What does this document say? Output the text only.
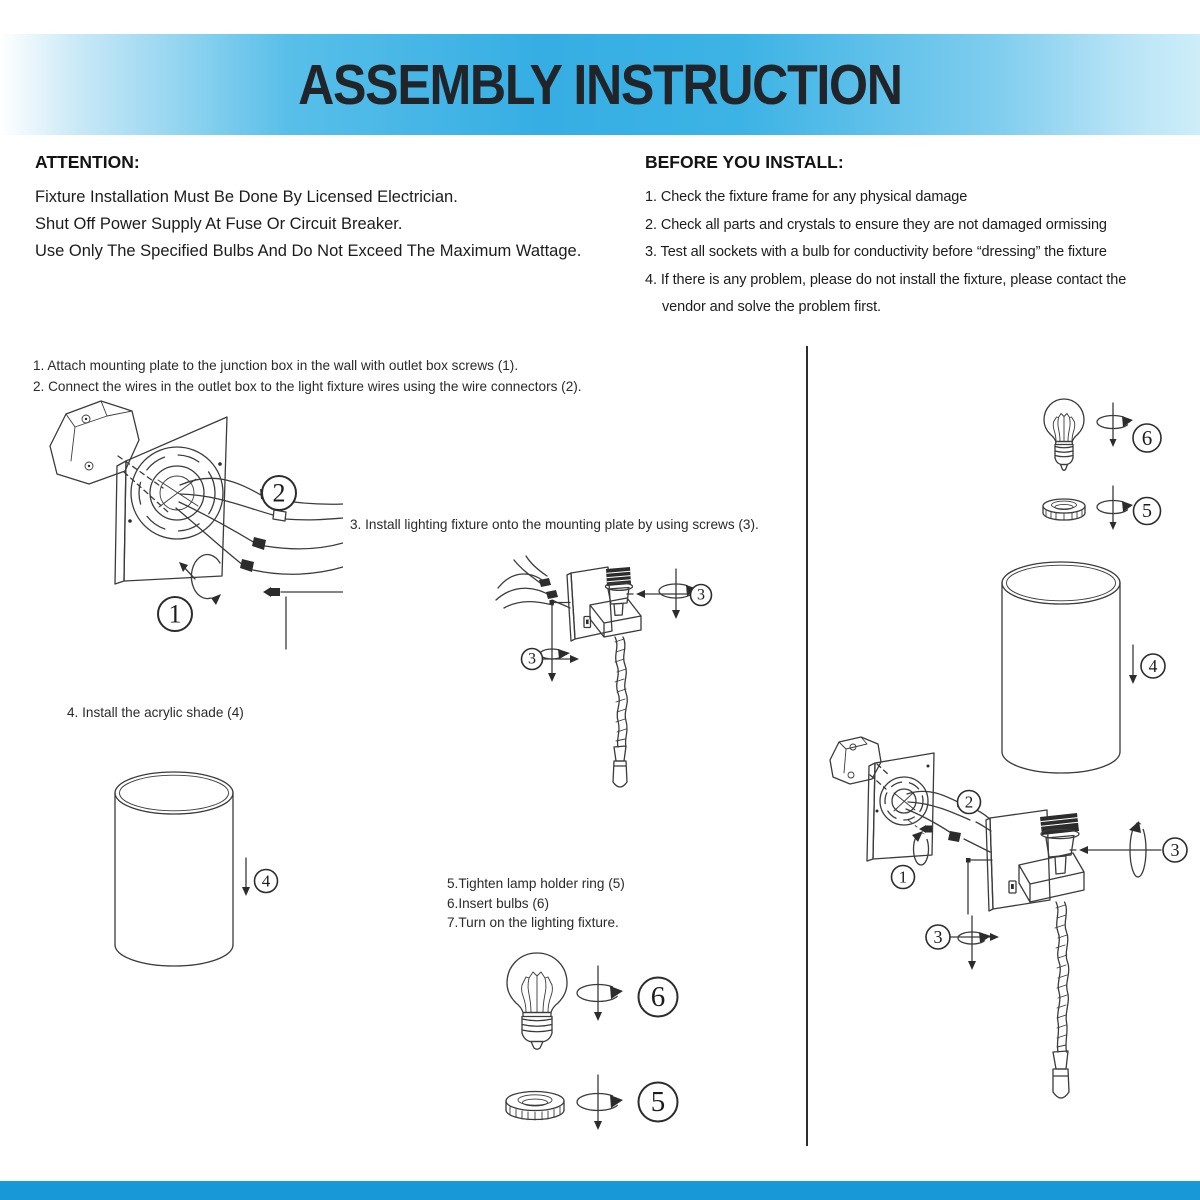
ASSEMBLY INSTRUCTION
ATTENTION:

Fixture Installation Must Be Done By Licensed Electrician.

Shut Off Power Supply At Fuse Or Circuit Breaker.

Use Only The Specified Bulbs And Do Not Exceed The Maximum Wattage.

BEFORE YOU INSTALL:

1. Check the fixture frame for any physical damage

2. Check all parts and crystals to ensure they are not damaged ormissing

3. Test all sockets with a bulb for conductivity before “dressing” the fixture

4. If there is any problem, please do not install the fixture, please contact the

vendor and solve the problem first.

1. Attach mounting plate to the junction box in the wall with outlet box screws (1).

2. Connect the wires in the outlet box to the light fixture wires using the wire connectors (2).

3. Install lighting fixture onto the mounting plate by using screws (3).

4. Install the acrylic shade (4)

5.Tighten lamp holder ring (5)

6.Insert bulbs (6)

7.Turn on the lighting fixture.

2
1
3
3
4
4
6
5
6
5
2
1
3
3
